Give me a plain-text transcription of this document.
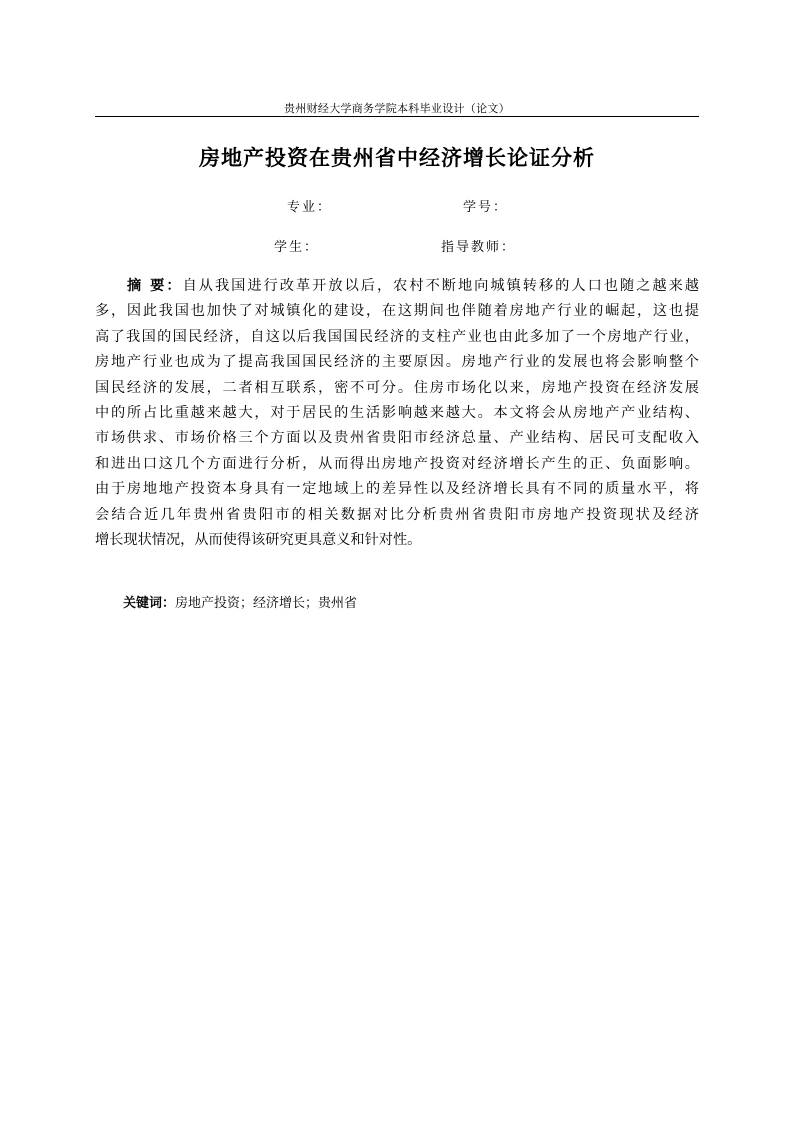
贵州财经大学商务学院本科毕业设计（论文）
房地产投资在贵州省中经济增长论证分析
专业：	学号：
学生：	指导教师：
摘 要：自从我国进行改革开放以后，农村不断地向城镇转移的人口也随之越来越
多，因此我国也加快了对城镇化的建设，在这期间也伴随着房地产行业的崛起，这也提
高了我国的国民经济，自这以后我国国民经济的支柱产业也由此多加了一个房地产行业，
房地产行业也成为了提高我国国民经济的主要原因。房地产行业的发展也将会影响整个
国民经济的发展，二者相互联系，密不可分。住房市场化以来，房地产投资在经济发展
中的所占比重越来越大，对于居民的生活影响越来越大。本文将会从房地产产业结构、
市场供求、市场价格三个方面以及贵州省贵阳市经济总量、产业结构、居民可支配收入
和进出口这几个方面进行分析，从而得出房地产投资对经济增长产生的正、负面影响。
由于房地地产投资本身具有一定地域上的差异性以及经济增长具有不同的质量水平，将
会结合近几年贵州省贵阳市的相关数据对比分析贵州省贵阳市房地产投资现状及经济
增长现状情况，从而使得该研究更具意义和针对性。
关键词：房地产投资；经济增长；贵州省
